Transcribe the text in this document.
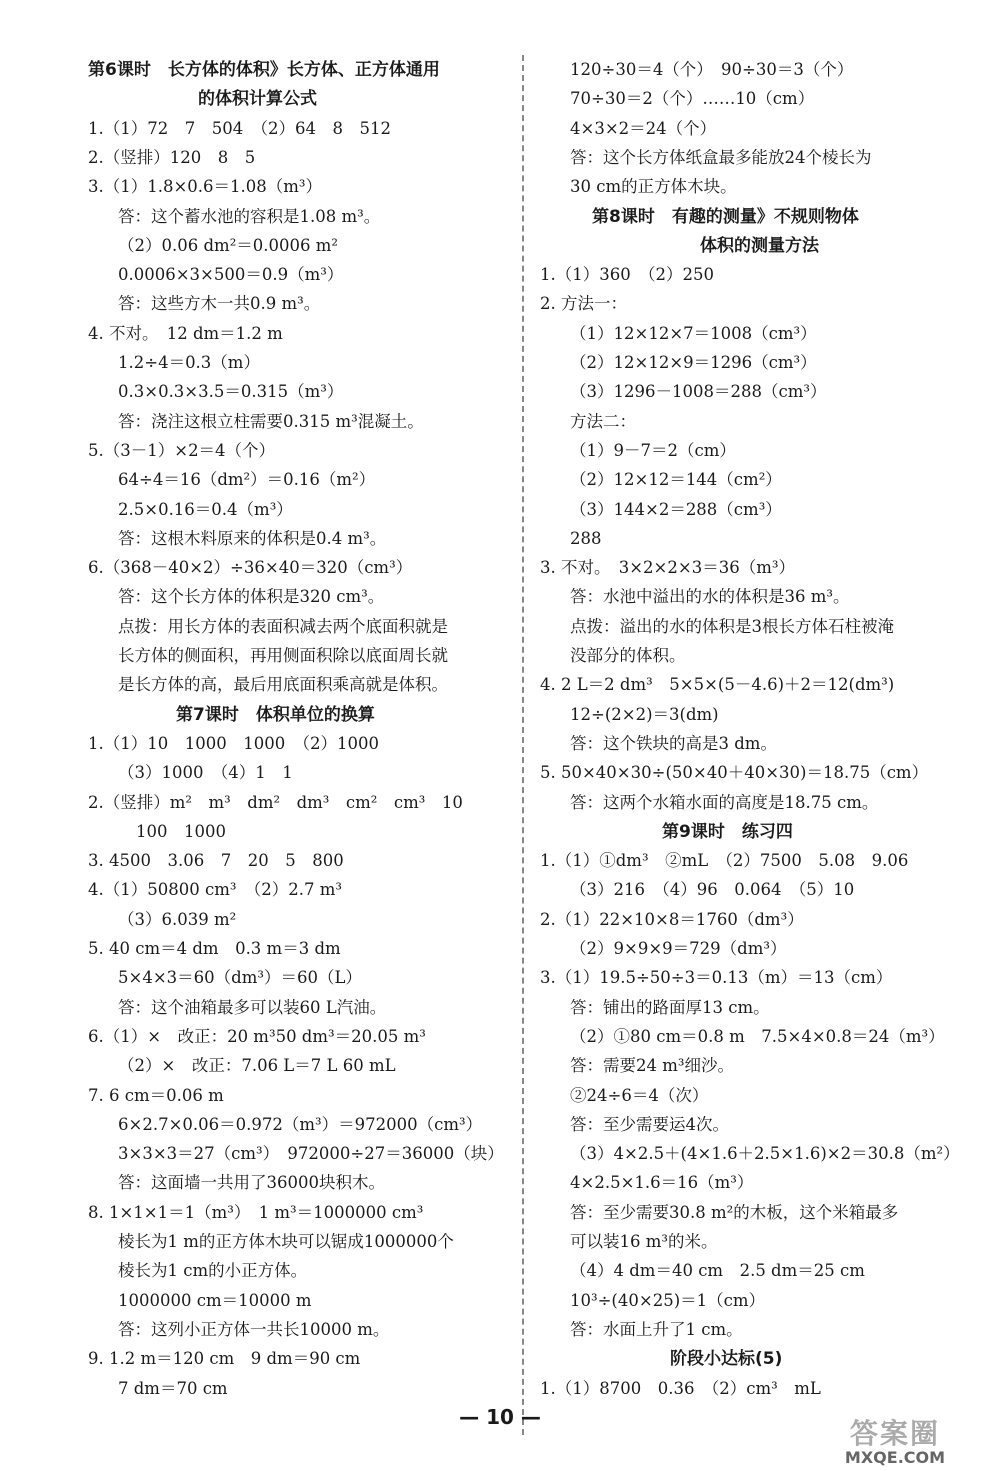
第6课时　长方体的体积》长方体、正方体通用
的体积计算公式
1.（1）72　7　504　（2）64　8　512
2.（竖排）120　8　5
3.（1）1.8×0.6＝1.08（m³）
答：这个蓄水池的容积是1.08 m³。
（2）0.06 dm²＝0.0006 m²
0.0006×3×500＝0.9（m³）
答：这些方木一共0.9 m³。
4. 不对。　12 dm＝1.2 m
1.2÷4＝0.3（m）
0.3×0.3×3.5＝0.315（m³）
答：浇注这根立柱需要0.315 m³混凝土。
5.（3－1）×2＝4（个）
64÷4＝16（dm²）＝0.16（m²）
2.5×0.16＝0.4（m³）
答：这根木料原来的体积是0.4 m³。
6.（368－40×2）÷36×40＝320（cm³）
答：这个长方体的体积是320 cm³。
点拨：用长方体的表面积减去两个底面积就是
长方体的侧面积，再用侧面积除以底面周长就
是长方体的高，最后用底面积乘高就是体积。
第7课时　体积单位的换算
1.（1）10　1000　1000　（2）1000
（3）1000　（4）1　1
2.（竖排）m²　m³　dm²　dm³　cm²　cm³　10
100　1000
3. 4500　3.06　7　20　5　800
4.（1）50800 cm³　（2）2.7 m³
（3）6.039 m²
5. 40 cm＝4 dm　0.3 m＝3 dm
5×4×3＝60（dm³）＝60（L）
答：这个油箱最多可以装60 L汽油。
6.（1）×　改正：20 m³50 dm³＝20.05 m³
（2）×　改正：7.06 L＝7 L 60 mL
7. 6 cm＝0.06 m
6×2.7×0.06＝0.972（m³）＝972000（cm³）
3×3×3＝27（cm³）　972000÷27＝36000（块）
答：这面墙一共用了36000块积木。
8. 1×1×1＝1（m³）　1 m³＝1000000 cm³
棱长为1 m的正方体木块可以锯成1000000个
棱长为1 cm的小正方体。
1000000 cm＝10000 m
答：这列小正方体一共长10000 m。
9. 1.2 m＝120 cm　9 dm＝90 cm
7 dm＝70 cm
120÷30＝4（个）　90÷30＝3（个）
70÷30＝2（个）……10（cm）
4×3×2＝24（个）
答：这个长方体纸盒最多能放24个棱长为
30 cm的正方体木块。
第8课时　有趣的测量》不规则物体
体积的测量方法
1.（1）360　（2）250
2. 方法一：
（1）12×12×7＝1008（cm³）
（2）12×12×9＝1296（cm³）
（3）1296－1008＝288（cm³）
方法二：
（1）9－7＝2（cm）
（2）12×12＝144（cm²）
（3）144×2＝288（cm³）
288
3. 不对。　3×2×2×3＝36（m³）
答：水池中溢出的水的体积是36 m³。
点拨：溢出的水的体积是3根长方体石柱被淹
没部分的体积。
4. 2 L＝2 dm³　5×5×(5－4.6)＋2＝12(dm³)
12÷(2×2)＝3(dm)
答：这个铁块的高是3 dm。
5. 50×40×30÷(50×40＋40×30)＝18.75（cm）
答：这两个水箱水面的高度是18.75 cm。
第9课时　练习四
1.（1）①dm³　②mL　（2）7500　5.08　9.06
（3）216　（4）96　0.064　（5）10
2.（1）22×10×8＝1760（dm³）
（2）9×9×9＝729（dm³）
3.（1）19.5÷50÷3＝0.13（m）＝13（cm）
答：铺出的路面厚13 cm。
（2）①80 cm＝0.8 m　7.5×4×0.8＝24（m³）
答：需要24 m³细沙。
②24÷6＝4（次）
答：至少需要运4次。
（3）4×2.5＋(4×1.6＋2.5×1.6)×2＝30.8（m²）
4×2.5×1.6＝16（m³）
答：至少需要30.8 m²的木板，这个米箱最多
可以装16 m³的米。
（4）4 dm＝40 cm　2.5 dm＝25 cm
10³÷(40×25)＝1（cm）
答：水面上升了1 cm。
阶段小达标(5)
1.（1）8700　0.36　（2）cm³　mL
— 10 —	答案圈
MXQE.COM
